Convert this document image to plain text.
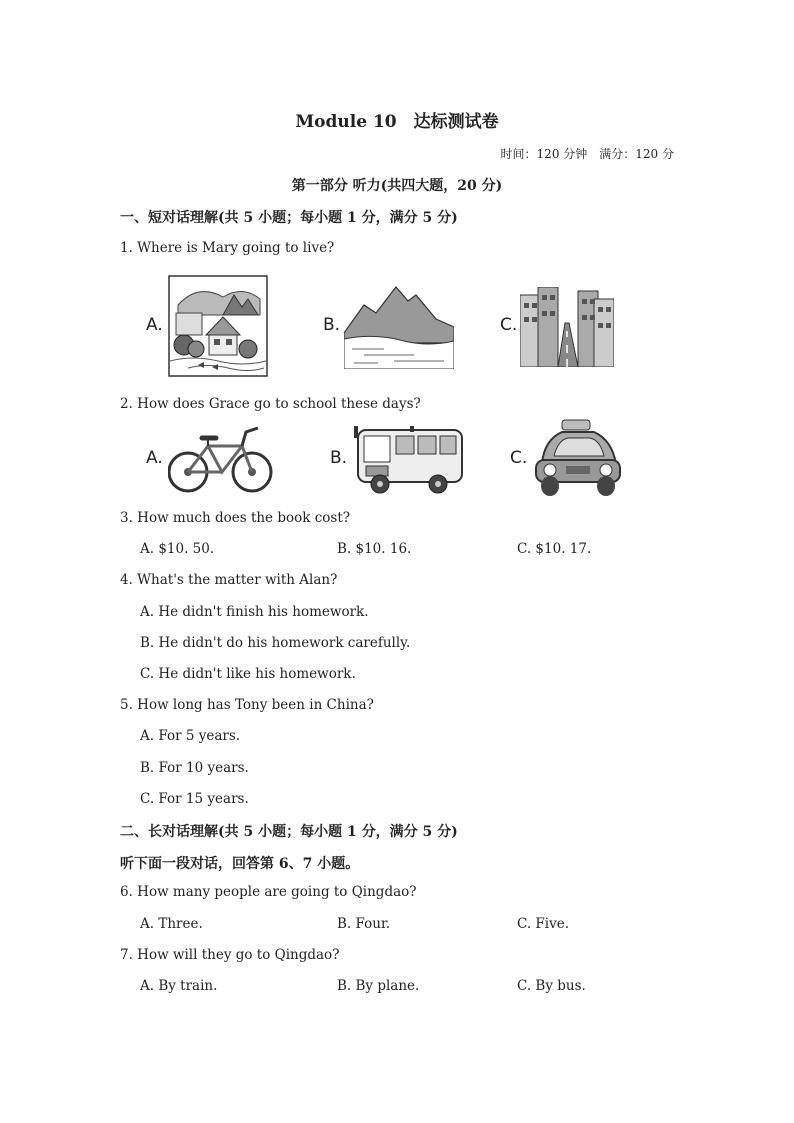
Module 10　达标测试卷
时间：120 分钟　满分：120 分
第一部分 听力(共四大题，20 分)
一、短对话理解(共 5 小题；每小题 1 分，满分 5 分)
1. Where is Mary going to live?
A.	B.	C.
2. How does Grace go to school these days?
A.	B.	C.
3. How much does the book cost?
A. $10. 50.	B. $10. 16.	C. $10. 17.
4. What's the matter with Alan?
A. He didn't finish his homework.
B. He didn't do his homework carefully.
C. He didn't like his homework.
5. How long has Tony been in China?
A. For 5 years.
B. For 10 years.
C. For 15 years.
二、长对话理解(共 5 小题；每小题 1 分，满分 5 分)
听下面一段对话，回答第 6、7 小题。
6. How many people are going to Qingdao?
A. Three.	B. Four.	C. Five.
7. How will they go to Qingdao?
A. By train.	B. By plane.	C. By bus.
